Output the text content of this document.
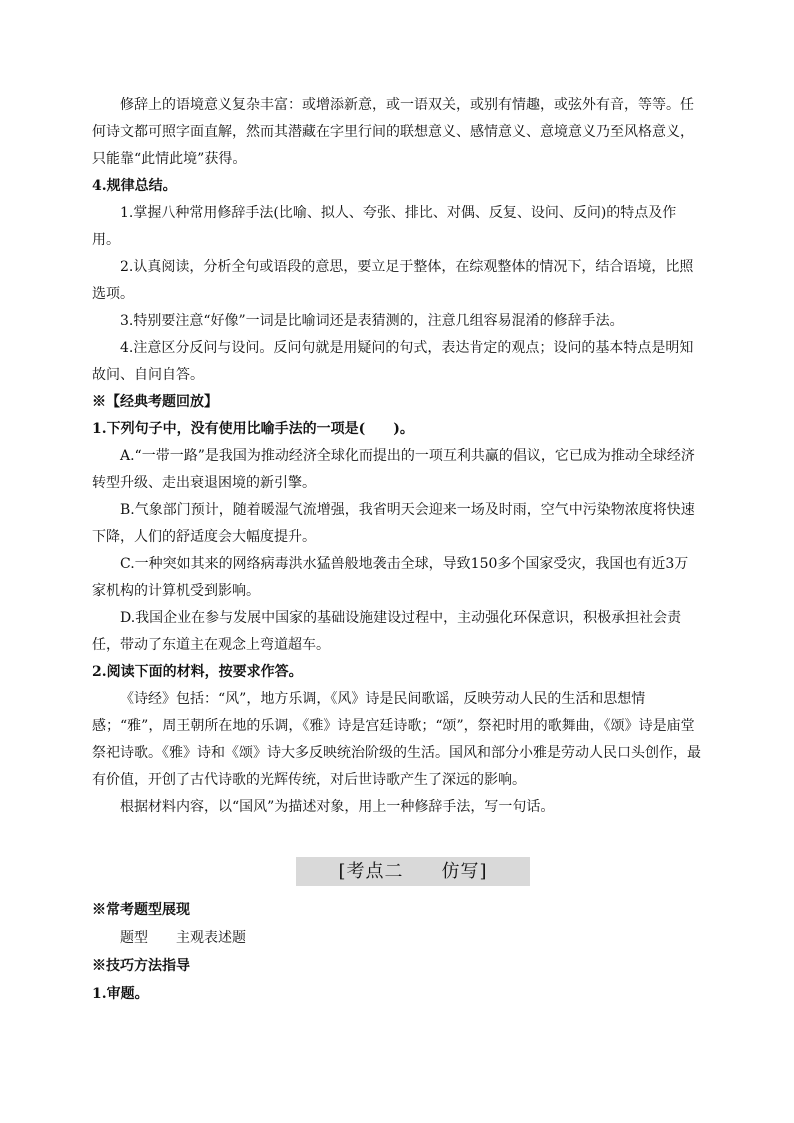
修辞上的语境意义复杂丰富：或增添新意，或一语双关，或别有情趣，或弦外有音，等等。任何诗文都可照字面直解，然而其潜藏在字里行间的联想意义、感情意义、意境意义乃至风格意义，只能靠“此情此境”获得。

4.规律总结。

1.掌握八种常用修辞手法(比喻、拟人、夸张、排比、对偶、反复、设问、反问)的特点及作用。

2.认真阅读，分析全句或语段的意思，要立足于整体，在综观整体的情况下，结合语境，比照选项。

3.特别要注意“好像”一词是比喻词还是表猜测的，注意几组容易混淆的修辞手法。

4.注意区分反问与设问。反问句就是用疑问的句式，表达肯定的观点；设问的基本特点是明知故问、自问自答。

※【经典考题回放】

1.下列句子中，没有使用比喻手法的一项是(　　)。

A.“一带一路”是我国为推动经济全球化而提出的一项互利共赢的倡议，它已成为推动全球经济转型升级、走出衰退困境的新引擎。

B.气象部门预计，随着暖湿气流增强，我省明天会迎来一场及时雨，空气中污染物浓度将快速下降，人们的舒适度会大幅度提升。

C.一种突如其来的网络病毒洪水猛兽般地袭击全球，导致150多个国家受灾，我国也有近3万家机构的计算机受到影响。

D.我国企业在参与发展中国家的基础设施建设过程中，主动强化环保意识，积极承担社会责任，带动了东道主在观念上弯道超车。

2.阅读下面的材料，按要求作答。

《诗经》包括：“风”，地方乐调，《风》诗是民间歌谣，反映劳动人民的生活和思想情感；“雅”，周王朝所在地的乐调，《雅》诗是宫廷诗歌；“颂”，祭祀时用的歌舞曲，《颂》诗是庙堂祭祀诗歌。《雅》诗和《颂》诗大多反映统治阶级的生活。国风和部分小雅是劳动人民口头创作，最有价值，开创了古代诗歌的光辉传统，对后世诗歌产生了深远的影响。

根据材料内容，以“国风”为描述对象，用上一种修辞手法，写一句话。

[考点二　　仿写]

※常考题型展现

题型 主观表述题

※技巧方法指导

1.审题。
